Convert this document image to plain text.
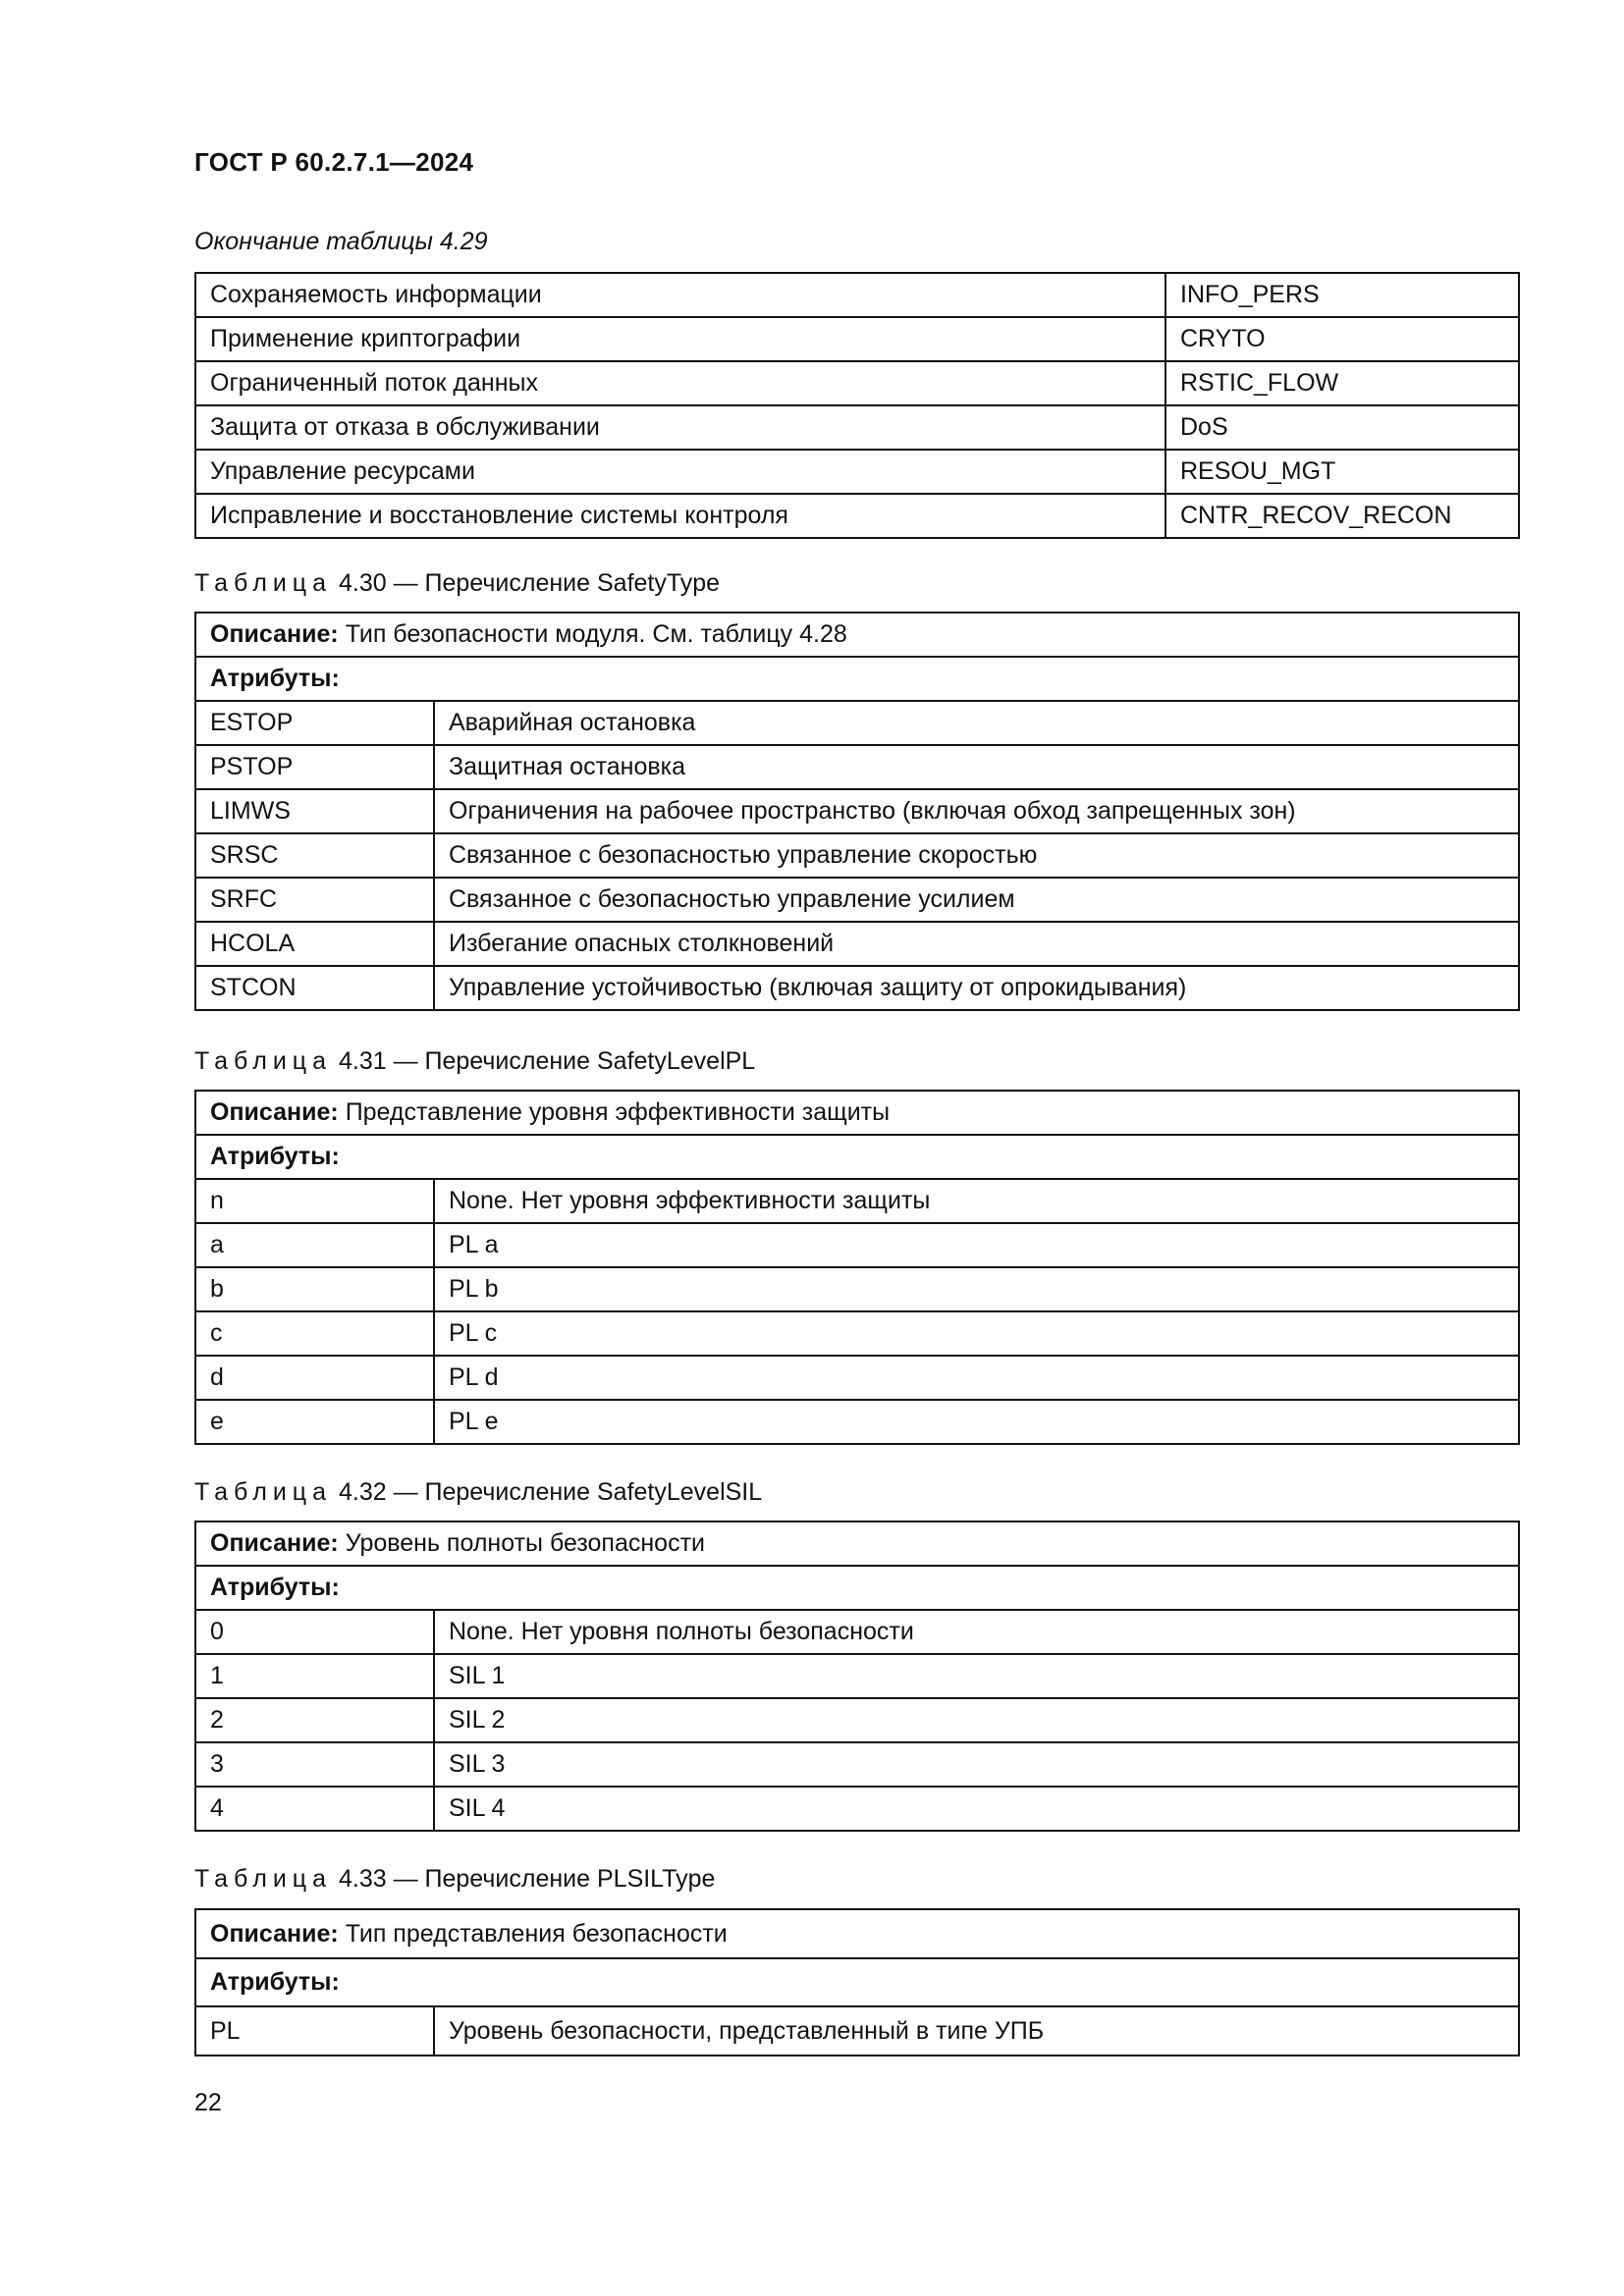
ГОСТ Р 60.2.7.1—2024
Окончание таблицы 4.29
Сохраняемость информации	INFO_PERS
Применение криптографии	CRYTO
Ограниченный поток данных	RSTIC_FLOW
Защита от отказа в обслуживании	DoS
Управление ресурсами	RESOU_MGT
Исправление и восстановление системы контроля	CNTR_RECOV_RECON
Таблица 4.30 — Перечисление SafetyType
Описание: Тип безопасности модуля. См. таблицу 4.28	
Атрибуты:	
ESTOP	Аварийная остановка
PSTOP	Защитная остановка
LIMWS	Ограничения на рабочее пространство (включая обход запрещенных зон)
SRSC	Связанное с безопасностью управление скоростью
SRFC	Связанное с безопасностью управление усилием
HCOLA	Избегание опасных столкновений
STCON	Управление устойчивостью (включая защиту от опрокидывания)
Таблица 4.31 — Перечисление SafetyLevelPL
Описание: Представление уровня эффективности защиты	
Атрибуты:	
n	None. Нет уровня эффективности защиты
a	PL a
b	PL b
c	PL c
d	PL d
e	PL e
Таблица 4.32 — Перечисление SafetyLevelSIL
Описание: Уровень полноты безопасности	
Атрибуты:	
0	None. Нет уровня полноты безопасности
1	SIL 1
2	SIL 2
3	SIL 3
4	SIL 4
Таблица 4.33 — Перечисление PLSILType
Описание: Тип представления безопасности
Атрибуты:
PL	Уровень безопасности, представленный в типе УПБ
22
